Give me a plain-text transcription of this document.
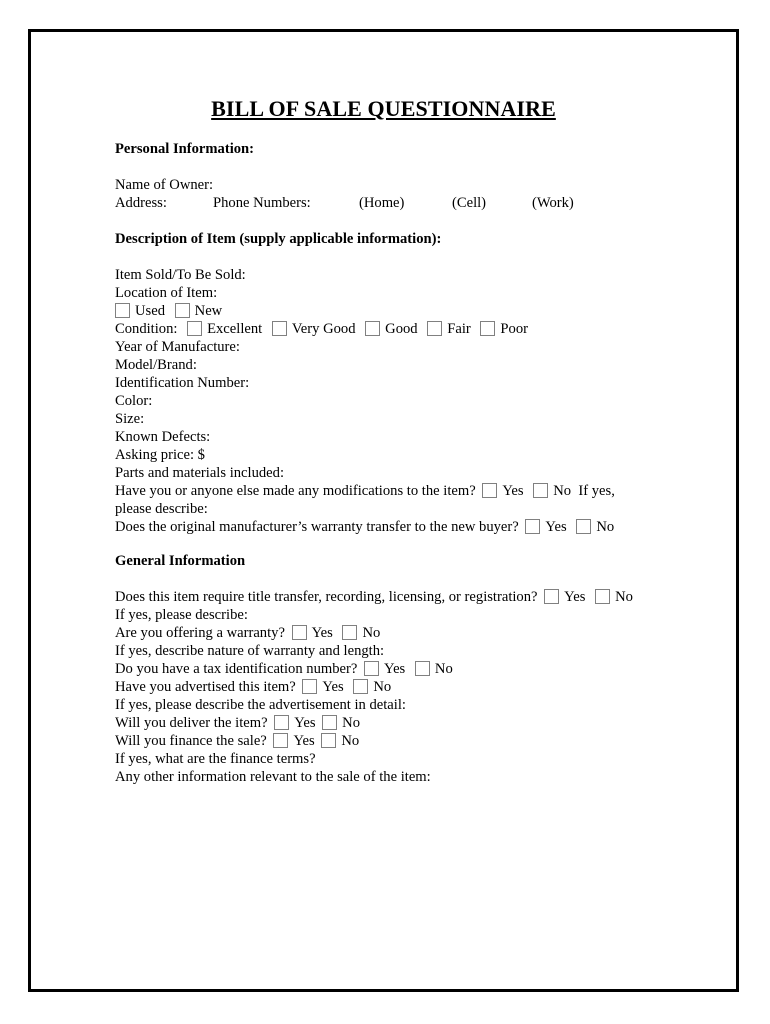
BILL OF SALE QUESTIONNAIRE
Personal Information:
Name of Owner:
Address:	Phone Numbers:	(Home)	(Cell)	(Work)
Description of Item (supply applicable information):
Item Sold/To Be Sold:
Location of Item:
Used New
Condition: Excellent Very Good Good Fair Poor
Year of Manufacture:
Model/Brand:
Identification Number:
Color:
Size:
Known Defects:
Asking price: $
Parts and materials included:
Have you or anyone else made any modifications to the item? Yes No  If yes,
please describe:
Does the original manufacturer’s warranty transfer to the new buyer? Yes No
General Information
Does this item require title transfer, recording, licensing, or registration? Yes No
If yes, please describe:
Are you offering a warranty? Yes No
If yes, describe nature of warranty and length:
Do you have a tax identification number? Yes No
Have you advertised this item? Yes No
If yes, please describe the advertisement in detail:
Will you deliver the item? Yes No
Will you finance the sale? Yes No
If yes, what are the finance terms?
Any other information relevant to the sale of the item:
